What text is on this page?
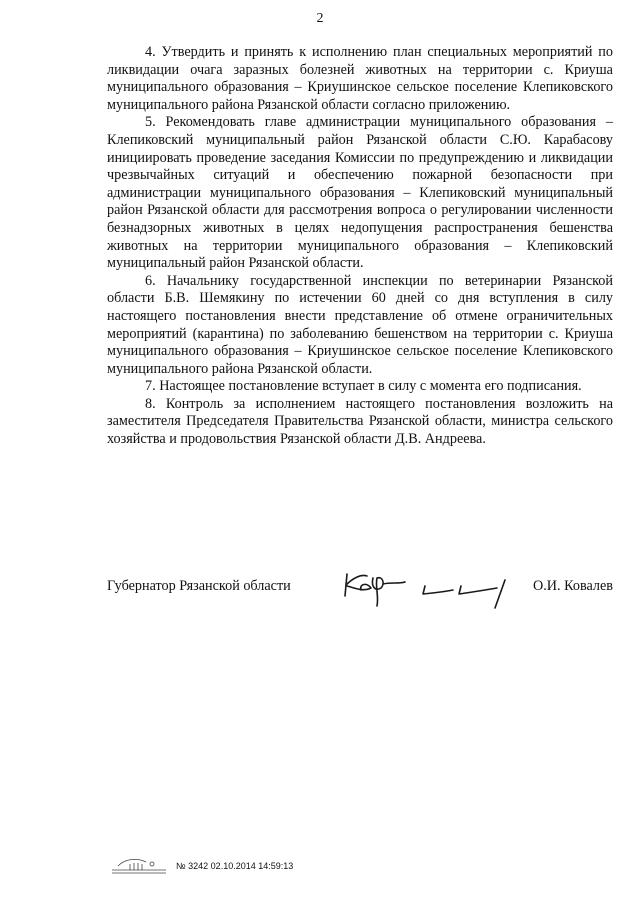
2

4. Утвердить и принять к исполнению план специальных мероприятий по ликвидации очага заразных болезней животных на территории с. Криуша муниципального образования – Криушинское сельское поселение Клепиковского муниципального района Рязанской области согласно приложению.

5. Рекомендовать главе администрации муниципального образования – Клепиковский муниципальный район Рязанской области С.Ю. Карабасову инициировать проведение заседания Комиссии по предупреждению и ликвидации чрезвычайных ситуаций и обеспечению пожарной безопасности при администрации муниципального образования – Клепиковский муниципальный район Рязанской области для рассмотрения вопроса о регулировании численности безнадзорных животных в целях недопущения распространения бешенства животных на территории муниципального образования – Клепиковский муниципальный район Рязанской области.

6. Начальнику государственной инспекции по ветеринарии Рязанской области Б.В. Шемякину по истечении 60 дней со дня вступления в силу настоящего постановления внести представление об отмене ограничительных мероприятий (карантина) по заболеванию бешенством на территории с. Криуша муниципального образования – Криушинское сельское поселение Клепиковского муниципального района Рязанской области.

7. Настоящее постановление вступает в силу с момента его подписания.

8. Контроль за исполнением настоящего постановления возложить на заместителя Председателя Правительства Рязанской области, министра сельского хозяйства и продовольствия Рязанской области Д.В. Андреева.

Губернатор Рязанской области	О.И. Ковалев
№ 3242 02.10.2014 14:59:13
